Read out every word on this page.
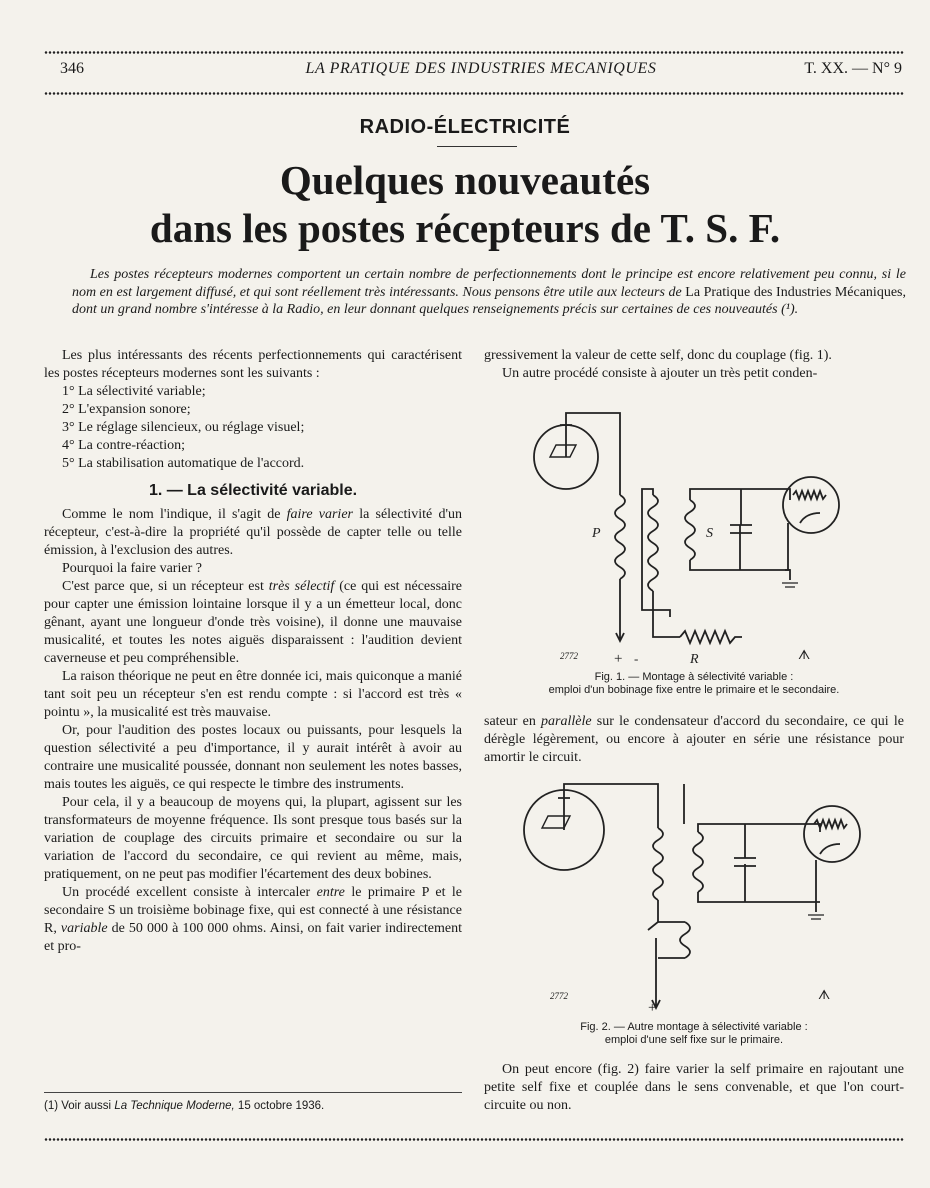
346	LA PRATIQUE DES INDUSTRIES MECANIQUES	T. XX. — N° 9
RADIO-ÉLECTRICITÉ
Quelques nouveautés
dans les postes récepteurs de T. S. F.
Les postes récepteurs modernes comportent un certain nombre de perfectionnements dont le principe est encore relativement peu connu, si le nom en est largement diffusé, et qui sont réellement très intéressants. Nous pensons être utile aux lecteurs de La Pratique des Industries Mécaniques, dont un grand nombre s'intéresse à la Radio, en leur donnant quelques renseignements précis sur certaines de ces nouveautés (¹).

Les plus intéressants des récents perfectionnements qui caractérisent les postes récepteurs modernes sont les suivants :

1° La sélectivité variable;

2° L'expansion sonore;

3° Le réglage silencieux, ou réglage visuel;

4° La contre-réaction;

5° La stabilisation automatique de l'accord.

1. — La sélectivité variable.

Comme le nom l'indique, il s'agit de faire varier la sélectivité d'un récepteur, c'est-à-dire la propriété qu'il possède de capter telle ou telle émission, à l'exclusion des autres.

Pourquoi la faire varier ?

C'est parce que, si un récepteur est très sélectif (ce qui est nécessaire pour capter une émission lointaine lorsque il y a un émetteur local, donc gênant, ayant une longueur d'onde très voisine), il donne une mauvaise musicalité, et toutes les notes aiguës disparaissent : l'audition devient caverneuse et peu compréhensible.

La raison théorique ne peut en être donnée ici, mais quiconque a manié tant soit peu un récepteur s'en est rendu compte : si l'accord est très « pointu », la musicalité est très mauvaise.

Or, pour l'audition des postes locaux ou puissants, pour lesquels la question sélectivité a peu d'importance, il y aurait intérêt à avoir au contraire une musicalité poussée, donnant non seulement les notes basses, mais toutes les aiguës, ce qui respecte le timbre des instruments.

Pour cela, il y a beaucoup de moyens qui, la plupart, agissent sur les transformateurs de moyenne fréquence. Ils sont presque tous basés sur la variation de couplage des circuits primaire et secondaire ou sur la variation de l'accord du secondaire, ce qui revient au même, mais, pratiquement, on ne peut pas modifier l'écartement des deux bobines.

Un procédé excellent consiste à intercaler entre le primaire P et le secondaire S un troisième bobinage fixe, qui est connecté à une résistance R, variable de 50 000 à 100 000 ohms. Ainsi, on fait varier indirectement et pro-

gressivement la valeur de cette self, donc du couplage (fig. 1).

Un autre procédé consiste à ajouter un très petit conden-

P	S
R
+ -
2772	ᗑ
Fig. 1. — Montage à sélectivité variable :
emploi d'un bobinage fixe entre le primaire et le secondaire.

sateur en parallèle sur le condensateur d'accord du secondaire, ce qui le dérègle légèrement, ou encore à ajouter en série une résistance pour amortir le circuit.

+
2772	ᗑ
Fig. 2. — Autre montage à sélectivité variable :
emploi d'une self fixe sur le primaire.

On peut encore (fig. 2) faire varier la self primaire en rajoutant une petite self fixe et couplée dans le sens convenable, et que l'on court-circuite ou non.

(1) Voir aussi La Technique Moderne, 15 octobre 1936.
